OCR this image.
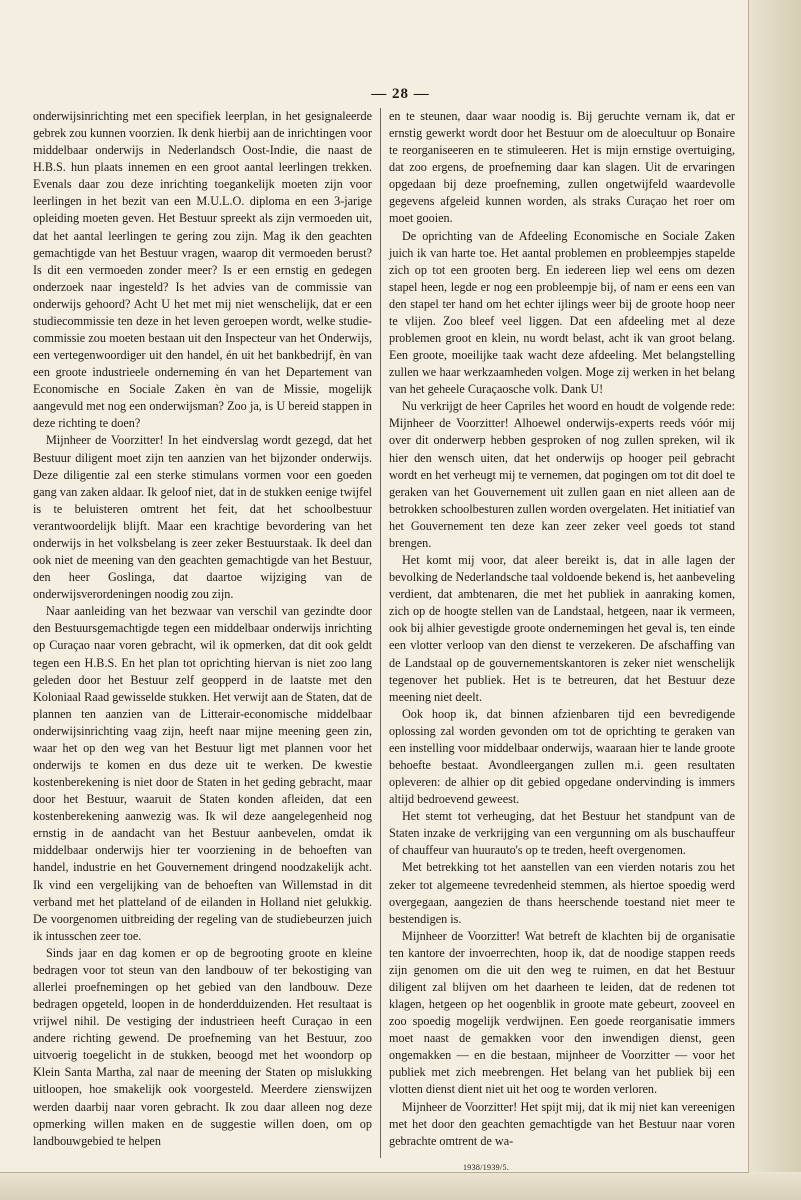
— 28 —

onderwijsinrichting met een specifiek leerplan, in het gesignaleerde gebrek zou kunnen voorzien. Ik denk hierbij aan de inrichtingen voor middelbaar onderwijs in Nederlandsch Oost-Indie, die naast de H.B.S. hun plaats innemen en een groot aantal leerlingen trekken. Evenals daar zou deze inrichting toegankelijk moeten zijn voor leerlingen in het bezit van een M.U.L.O. diploma en een 3-jarige opleiding moeten geven. Het Bestuur spreekt als zijn vermoeden uit, dat het aantal leerlingen te gering zou zijn. Mag ik den geachten gemachtigde van het Bestuur vragen, waarop dit vermoeden berust? Is dit een vermoeden zonder meer? Is er een ernstig en gedegen onderzoek naar ingesteld? Is het advies van de commissie van onderwijs gehoord? Acht U het met mij niet wenschelijk, dat er een studiecommissie ten deze in het leven geroepen wordt, welke studie-commissie zou moeten bestaan uit den Inspecteur van het Onderwijs, een vertegenwoordiger uit den handel, én uit het bankbedrijf, èn van een groote industrieele onderneming én van het Departement van Economische en Sociale Zaken èn van de Missie, mogelijk aangevuld met nog een onderwijsman? Zoo ja, is U bereid stappen in deze richting te doen?

Mijnheer de Voorzitter! In het eindverslag wordt gezegd, dat het Bestuur diligent moet zijn ten aanzien van het bijzonder onderwijs. Deze diligentie zal een sterke stimulans vormen voor een goeden gang van zaken aldaar. Ik geloof niet, dat in de stukken eenige twijfel is te beluisteren omtrent het feit, dat het schoolbestuur verantwoordelijk blijft. Maar een krachtige bevordering van het onderwijs in het volksbelang is zeer zeker Bestuurstaak. Ik deel dan ook niet de meening van den geachten gemachtigde van het Bestuur, den heer Goslinga, dat daartoe wijziging van de onderwijsverordeningen noodig zou zijn.

Naar aanleiding van het bezwaar van verschil van gezindte door den Bestuursgemachtigde tegen een middelbaar onderwijs inrichting op Curaçao naar voren gebracht, wil ik opmerken, dat dit ook geldt tegen een H.B.S. En het plan tot oprichting hiervan is niet zoo lang geleden door het Bestuur zelf geopperd in de laatste met den Koloniaal Raad gewisselde stukken. Het verwijt aan de Staten, dat de plannen ten aanzien van de Litterair-economische middelbaar onderwijsinrichting vaag zijn, heeft naar mijne meening geen zin, waar het op den weg van het Bestuur ligt met plannen voor het onderwijs te komen en dus deze uit te werken. De kwestie kostenberekening is niet door de Staten in het geding gebracht, maar door het Bestuur, waaruit de Staten konden afleiden, dat een kostenberekening aanwezig was. Ik wil deze aangelegenheid nog ernstig in de aandacht van het Bestuur aanbevelen, omdat ik middelbaar onderwijs hier ter voorziening in de behoeften van handel, industrie en het Gouvernement dringend noodzakelijk acht. Ik vind een vergelijking van de behoeften van Willemstad in dit verband met het platteland of de eilanden in Holland niet gelukkig. De voorgenomen uitbreiding der regeling van de studiebeurzen juich ik intusschen zeer toe.

Sinds jaar en dag komen er op de begrooting groote en kleine bedragen voor tot steun van den landbouw of ter bekostiging van allerlei proefnemingen op het gebied van den landbouw. Deze bedragen opgeteld, loopen in de honderdduizenden. Het resultaat is vrijwel nihil. De vestiging der industrieen heeft Curaçao in een andere richting gewend. De proefneming van het Bestuur, zoo uitvoerig toegelicht in de stukken, beoogd met het woondorp op Klein Santa Martha, zal naar de meening der Staten op mislukking uitloopen, hoe smakelijk ook voorgesteld. Meerdere zienswijzen werden daarbij naar voren gebracht. Ik zou daar alleen nog deze opmerking willen maken en de suggestie willen doen, om op landbouwgebied te helpen

en te steunen, daar waar noodig is. Bij geruchte vernam ik, dat er ernstig gewerkt wordt door het Bestuur om de aloecultuur op Bonaire te reorganiseeren en te stimuleeren. Het is mijn ernstige overtuiging, dat zoo ergens, de proefneming daar kan slagen. Uit de ervaringen opgedaan bij deze proefneming, zullen ongetwijfeld waardevolle gegevens afgeleid kunnen worden, als straks Curaçao het roer om moet gooien.

De oprichting van de Afdeeling Economische en Sociale Zaken juich ik van harte toe. Het aantal problemen en probleempjes stapelde zich op tot een grooten berg. En iedereen liep wel eens om dezen stapel heen, legde er nog een probleempje bij, of nam er eens een van den stapel ter hand om het echter ijlings weer bij de groote hoop neer te vlijen. Zoo bleef veel liggen. Dat een afdeeling met al deze problemen groot en klein, nu wordt belast, acht ik van groot belang. Een groote, moeilijke taak wacht deze afdeeling. Met belangstelling zullen we haar werkzaamheden volgen. Moge zij werken in het belang van het geheele Curaçaosche volk. Dank U!

Nu verkrijgt de heer Capriles het woord en houdt de volgende rede: Mijnheer de Voorzitter! Alhoewel onderwijs-experts reeds vóór mij over dit onderwerp hebben gesproken of nog zullen spreken, wil ik hier den wensch uiten, dat het onderwijs op hooger peil gebracht wordt en het verheugt mij te vernemen, dat pogingen om tot dit doel te geraken van het Gouvernement uit zullen gaan en niet alleen aan de betrokken schoolbesturen zullen worden overgelaten. Het initiatief van het Gouvernement ten deze kan zeer zeker veel goeds tot stand brengen.

Het komt mij voor, dat aleer bereikt is, dat in alle lagen der bevolking de Nederlandsche taal voldoende bekend is, het aanbeveling verdient, dat ambtenaren, die met het publiek in aanraking komen, zich op de hoogte stellen van de Landstaal, hetgeen, naar ik vermeen, ook bij alhier gevestigde groote ondernemingen het geval is, ten einde een vlotter verloop van den dienst te verzekeren. De afschaffing van de Landstaal op de gouvernementskantoren is zeker niet wenschelijk tegenover het publiek. Het is te betreuren, dat het Bestuur deze meening niet deelt.

Ook hoop ik, dat binnen afzienbaren tijd een bevredigende oplossing zal worden gevonden om tot de oprichting te geraken van een instelling voor middelbaar onderwijs, waaraan hier te lande groote behoefte bestaat. Avondleergangen zullen m.i. geen resultaten opleveren: de alhier op dit gebied opgedane ondervinding is immers altijd bedroevend geweest.

Het stemt tot verheuging, dat het Bestuur het standpunt van de Staten inzake de verkrijging van een vergunning om als buschauffeur of chauffeur van huurauto's op te treden, heeft overgenomen.

Met betrekking tot het aanstellen van een vierden notaris zou het zeker tot algemeene tevredenheid stemmen, als hiertoe spoedig werd overgegaan, aangezien de thans heerschende toestand niet meer te bestendigen is.

Mijnheer de Voorzitter! Wat betreft de klachten bij de organisatie ten kantore der invoerrechten, hoop ik, dat de noodige stappen reeds zijn genomen om die uit den weg te ruimen, en dat het Bestuur diligent zal blijven om het daarheen te leiden, dat de redenen tot klagen, hetgeen op het oogenblik in groote mate gebeurt, zooveel en zoo spoedig mogelijk verdwijnen. Een goede reorganisatie immers moet naast de gemakken voor den inwendigen dienst, geen ongemakken — en die bestaan, mijnheer de Voorzitter — voor het publiek met zich meebrengen. Het belang van het publiek bij een vlotten dienst dient niet uit het oog te worden verloren.

Mijnheer de Voorzitter! Het spijt mij, dat ik mij niet kan vereenigen met het door den geachten gemachtigde van het Bestuur naar voren gebrachte omtrent de wa-

1938/1939/5.
